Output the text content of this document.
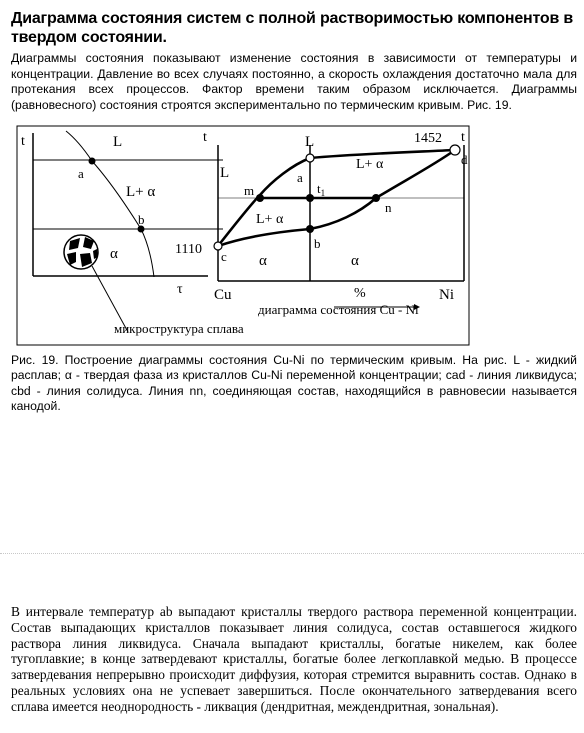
Диаграмма состояния систем с полной растворимостью компонентов в твердом состоянии.
Диаграммы состояния показывают изменение состояния в зависимости от температуры и концентрации. Давление во всех случаях постоянно, а скорость охлаждения достаточно мала для протекания всех процессов. Фактор времени таким образом исключается. Диаграммы (равновесного) состояния строятся экспериментально по термическим кривым. Рис. 19.
t	L
a
L+ α
b
α
τ
микроструктура сплава
t	t
1452
1110
L
L
L+ α
L+ α
a
m
n
$t_1$
b
c
d
α	α
Cu	Ni
%
диаграмма состояния Cu - Ni
Рис. 19. Построение диаграммы состояния Cu-Ni по термическим кривым. На рис. L - жидкий расплав; α - твердая фаза из кристаллов Cu-Ni переменной концентрации; cad - линия ликвидуса; cbd - линия солидуса. Линия nn, соединяющая состав, находящийся в равновесии называется канодой.
В интервале температур ab выпадают кристаллы твердого раствора переменной концентрации. Состав выпадающих кристаллов показывает линия солидуса, состав оставшегося жидкого раствора линия ликвидуса. Сначала выпадают кристаллы, богатые никелем, как более тугоплавкие; в конце затвердевают кристаллы, богатые более легкоплавкой медью. В процессе затвердевания непрерывно происходит диффузия, которая стремится выравнить состав. Однако в реальных условиях она не успевает завершиться. После окончательного затвердевания всего сплава имеется неоднородность - ликвация (дендритная, междендритная, зональная).
